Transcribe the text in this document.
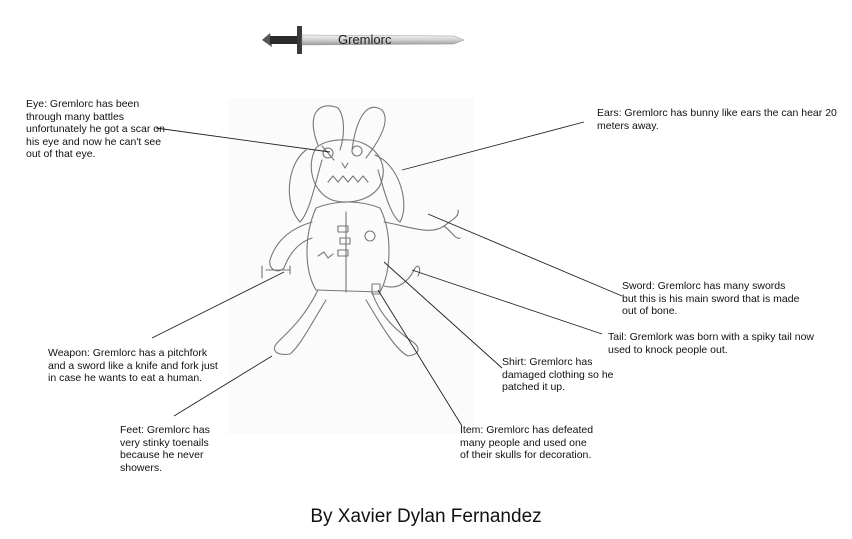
Gremlorc
Eye: Gremlorc has been through many battles unfortunately he got a scar on his eye and now he can't see out of that eye.
Ears: Gremlorc has bunny like ears the can hear 20 meters away.
Sword: Gremlorc has many swords but this is his main sword that is made out of bone.
Tail: Gremlork was born with a spiky tail now used to knock people out.
Weapon: Gremlorc has a pitchfork and a sword like a knife and fork just in case he wants to eat a human.
Shirt: Gremlorc has damaged clothing so he patched it up.
Feet: Gremlorc has very stinky toenails because he never showers.
Item: Gremlorc has defeated many people and used one of their skulls for decoration.
By Xavier Dylan Fernandez
